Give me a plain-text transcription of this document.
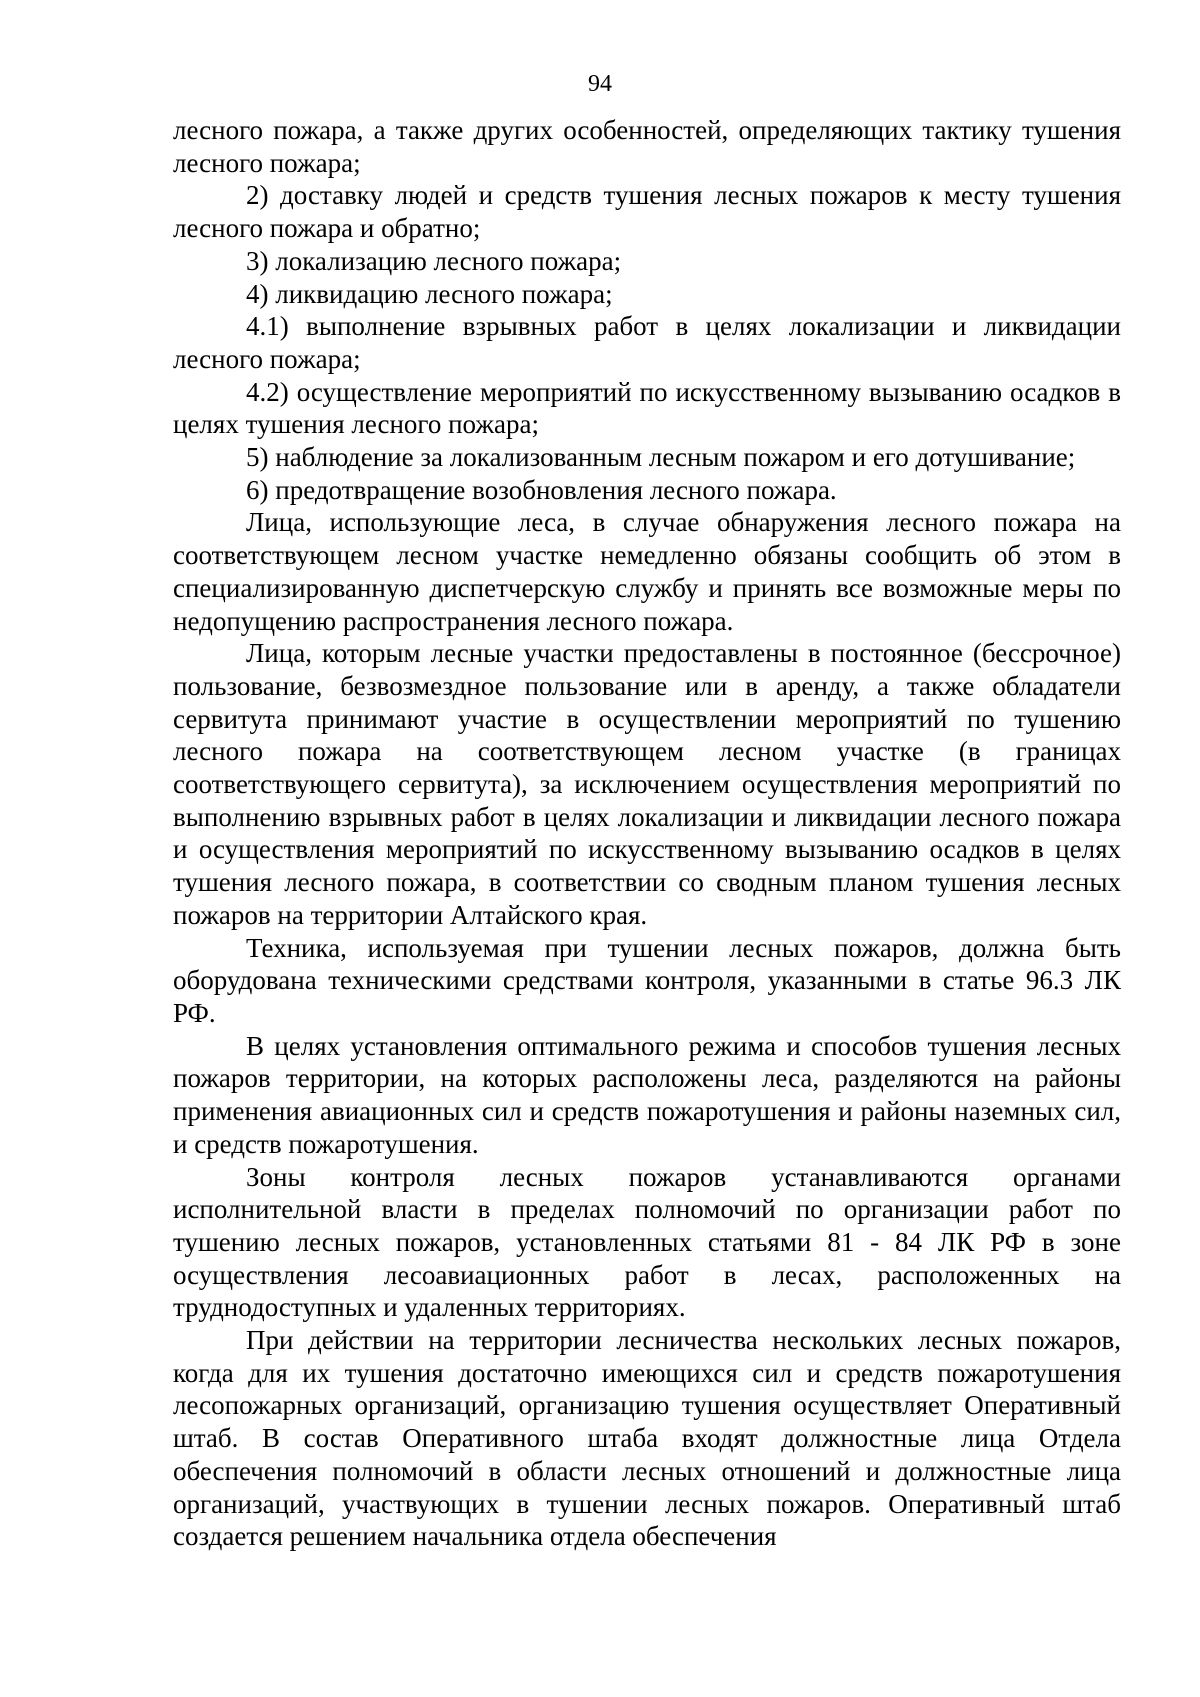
94

лесного пожара, а также других особенностей, определяющих тактику тушения лесного пожара;

2) доставку людей и средств тушения лесных пожаров к месту тушения лесного пожара и обратно;

3) локализацию лесного пожара;

4) ликвидацию лесного пожара;

4.1) выполнение взрывных работ в целях локализации и ликвидации лесного пожара;

4.2) осуществление мероприятий по искусственному вызыванию осадков в целях тушения лесного пожара;

5) наблюдение за локализованным лесным пожаром и его дотушивание;

6) предотвращение возобновления лесного пожара.

Лица, использующие леса, в случае обнаружения лесного пожара на соответствующем лесном участке немедленно обязаны сообщить об этом в специализированную диспетчерскую службу и принять все возможные меры по недопущению распространения лесного пожара.

Лица, которым лесные участки предоставлены в постоянное (бессрочное) пользование, безвозмездное пользование или в аренду, а также обладатели сервитута принимают участие в осуществлении мероприятий по тушению лесного пожара на соответствующем лесном участке (в границах соответствующего сервитута), за исключением осуществления мероприятий по выполнению взрывных работ в целях локализации и ликвидации лесного пожара и осуществления мероприятий по искусственному вызыванию осадков в целях тушения лесного пожара, в соответствии со сводным планом тушения лесных пожаров на территории Алтайского края.

Техника, используемая при тушении лесных пожаров, должна быть оборудована техническими средствами контроля, указанными в статье 96.3 ЛК РФ.

В целях установления оптимального режима и способов тушения лесных пожаров территории, на которых расположены леса, разделяются на районы применения авиационных сил и средств пожаротушения и районы наземных сил, и средств пожаротушения.

Зоны контроля лесных пожаров устанавливаются органами исполнительной власти в пределах полномочий по организации работ по тушению лесных пожаров, установленных статьями 81 - 84 ЛК РФ в зоне осуществления лесоавиационных работ в лесах, расположенных на труднодоступных и удаленных территориях.

При действии на территории лесничества нескольких лесных пожаров, когда для их тушения достаточно имеющихся сил и средств пожаротушения лесопожарных организаций, организацию тушения осуществляет Оперативный штаб. В состав Оперативного штаба входят должностные лица Отдела обеспечения полномочий в области лесных отношений и должностные лица организаций, участвующих в тушении лесных пожаров. Оперативный штаб создается решением начальника отдела обеспечения
